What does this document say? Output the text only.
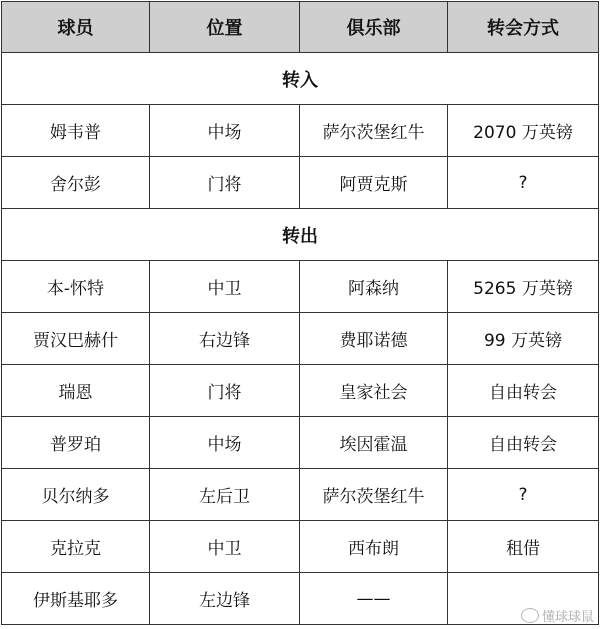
球员	位置	俱乐部	转会方式
转入			
姆韦普	中场	萨尔茨堡红牛	2070 万英镑
舍尔彭	门将	阿贾克斯	?
转出			
本-怀特	中卫	阿森纳	5265 万英镑
贾汉巴赫什	右边锋	费耶诺德	99 万英镑
瑞恩	门将	皇家社会	自由转会
普罗珀	中场	埃因霍温	自由转会
贝尔纳多	左后卫	萨尔茨堡红牛	?
克拉克	中卫	西布朗	租借
伊斯基耶多	左边锋	——	
懂球球鼠
